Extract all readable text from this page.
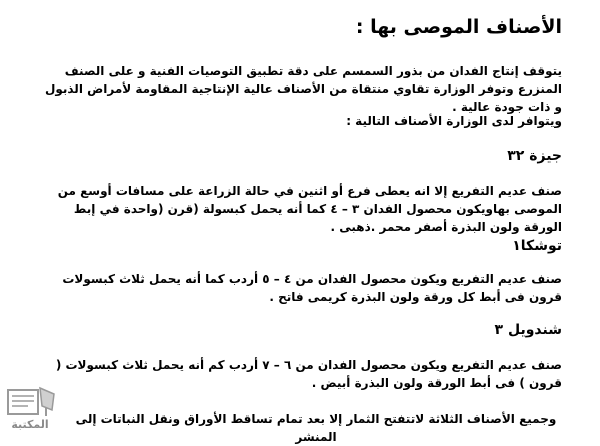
الأصناف الموصى بها :

يتوقف إنتاج الفدان من بذور السمسم على دقة تطبيق التوصيات الفنية و على الصنف المنزرع وتوفر الوزارة تقاوي منتقاة من الأصناف عالية الإنتاجية المقاومة لأمراض الذبول و ذات جودة عالية .

ويتوافر لدى الوزارة الأصناف التالية :

جيزة ٣٢

صنف عديم التفريع إلا انه يعطى فرع أو اثنين في حالة الزراعة على مسافات أوسع من الموصى بهاويكون محصول الفدان ٣ – ٤ كما أنه يحمل كبسولة (قرن (واحدة في إبط الورقة ولون البذرة أصفر محمر .ذهبى .

توشكا١

صنف عديم التفريع ويكون محصول الفدان من ٤ – ٥ أردب كما أنه يحمل ثلاث كبسولات قرون فى أبط كل ورقة ولون البذرة كريمى فاتح .

شندويل ٣

صنف عديم التفريع ويكون محصول الفدان من ٦ – ٧ أردب كم أنه يحمل ثلاث كبسولات ( قرون ) فى أبط الورقة ولون البذرة أبيض .

وجميع الأصناف الثلاثة لاتتفتح الثمار إلا بعد تمام تساقط الأوراق ونقل النباتات إلى المنشر

المكتبة
